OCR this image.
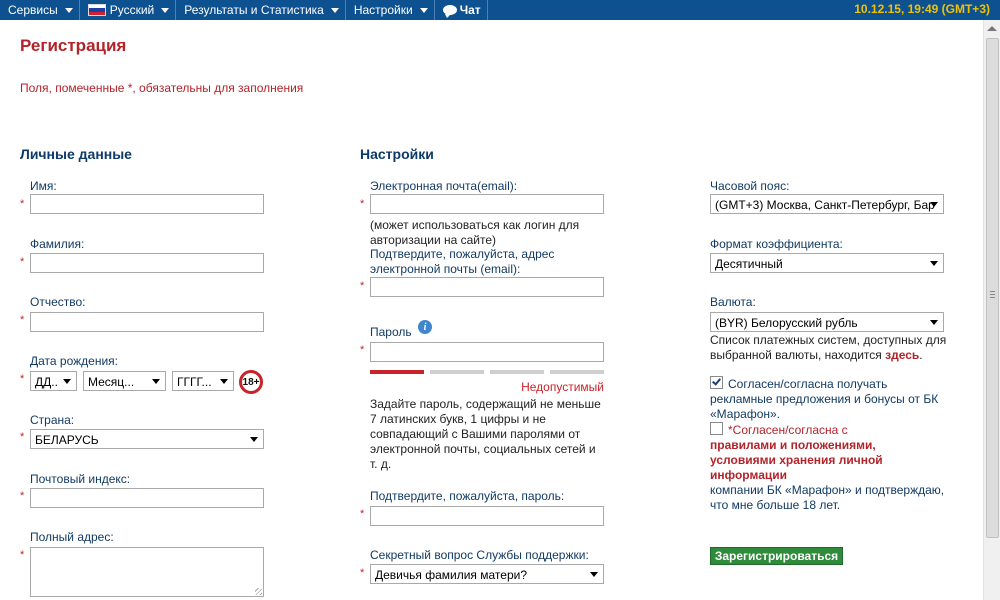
Сервисы	Русский	Результаты и Статистика	Настройки	Чат	10.12.15, 19:49 (GMT+3)
Регистрация
Поля, помеченные *, обязательны для заполнения
Личные данные
Имя:
*
Фамилия:
*
Отчество:
*
Дата рождения:
* ДД..	Месяц...	ГГГГ...	18+
Страна:
* БЕЛАРУСЬ
Почтовый индекс:
*
Полный адрес:
*
Настройки
Электронная почта(email):
*
(может использоваться как логин для авторизации на сайте)
Подтвердите, пожалуйста, адрес электронной почты (email):
*
Пароль	i
*
Недопустимый
Задайте пароль, содержащий не меньше 7 латинских букв, 1 цифры и не совпадающий с Вашими паролями от электронной почты, социальных сетей и т. д.
Подтвердите, пожалуйста, пароль:
*
Секретный вопрос Службы поддержки:
* Девичья фамилия матери?
Часовой пояс:
(GMT+3) Москва, Санкт-Петербург, Бар
Формат коэффициента:
Десятичный
Валюта:
(BYR) Белорусский рубль
Список платежных систем, доступных для выбранной валюты, находится здесь.
Согласен/согласна получать рекламные предложения и бонусы от БК «Марафон».
*Согласен/согласна с
правилами и положениями, условиями хранения личной информации
компании БК «Марафон» и подтверждаю, что мне больше 18 лет.
Зарегистрироваться
